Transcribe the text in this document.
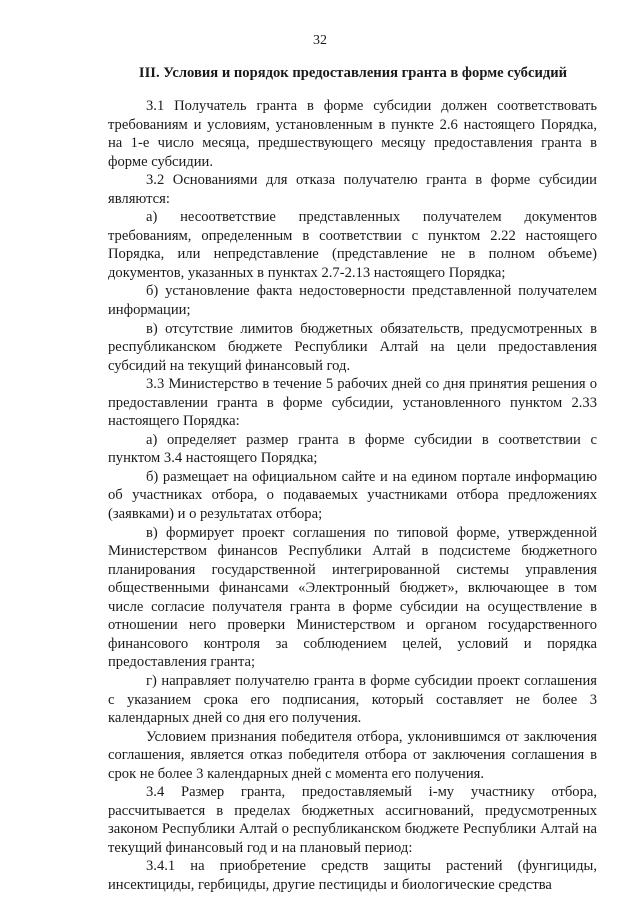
32
III. Условия и порядок предоставления гранта в форме субсидий

3.1 Получатель гранта в форме субсидии должен соответствовать требованиям и условиям, установленным в пункте 2.6 настоящего Порядка, на 1-е число месяца, предшествующего месяцу предоставления гранта в форме субсидии.

3.2 Основаниями для отказа получателю гранта в форме субсидии являются:

а) несоответствие представленных получателем документов требованиям, определенным в соответствии с пунктом 2.22 настоящего Порядка, или непредставление (представление не в полном объеме) документов, указанных в пунктах 2.7-2.13 настоящего Порядка;

б) установление факта недостоверности представленной получателем информации;

в) отсутствие лимитов бюджетных обязательств, предусмотренных в республиканском бюджете Республики Алтай на цели предоставления субсидий на текущий финансовый год.

3.3 Министерство в течение 5 рабочих дней со дня принятия решения о предоставлении гранта в форме субсидии, установленного пунктом 2.33 настоящего Порядка:

а) определяет размер гранта в форме субсидии в соответствии с пунктом 3.4 настоящего Порядка;

б) размещает на официальном сайте и на едином портале информацию об участниках отбора, о подаваемых участниками отбора предложениях (заявками) и о результатах отбора;

в) формирует проект соглашения по типовой форме, утвержденной Министерством финансов Республики Алтай в подсистеме бюджетного планирования государственной интегрированной системы управления общественными финансами «Электронный бюджет», включающее в том числе согласие получателя гранта в форме субсидии на осуществление в отношении него проверки Министерством и органом государственного финансового контроля за соблюдением целей, условий и порядка предоставления гранта;

г) направляет получателю гранта в форме субсидии проект соглашения с указанием срока его подписания, который составляет не более 3 календарных дней со дня его получения.

Условием признания победителя отбора, уклонившимся от заключения соглашения, является отказ победителя отбора от заключения соглашения в срок не более 3 календарных дней с момента его получения.

3.4 Размер гранта, предоставляемый i-му участнику отбора, рассчитывается в пределах бюджетных ассигнований, предусмотренных законом Республики Алтай о республиканском бюджете Республики Алтай на текущий финансовый год и на плановый период:

3.4.1 на приобретение средств защиты растений (фунгициды, инсектициды, гербициды, другие пестициды и биологические средства
